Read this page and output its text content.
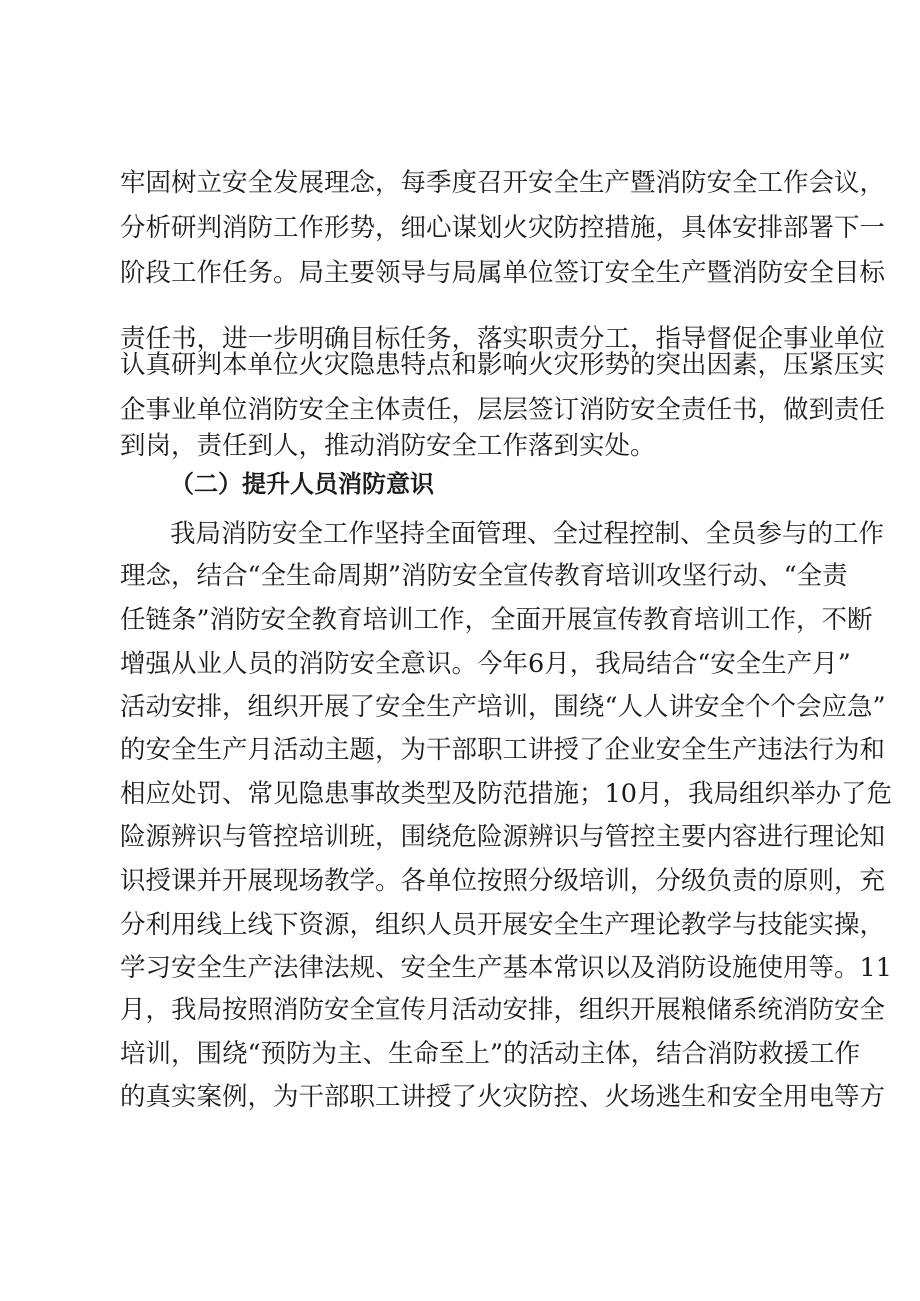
牢固树立安全发展理念，每季度召开安全生产暨消防安全工作会议，
分析研判消防工作形势，细心谋划火灾防控措施，具体安排部署下一
阶段工作任务。局主要领导与局属单位签订安全生产暨消防安全目标
责任书，进一步明确目标任务，落实职责分工，指导督促企事业单位
认真研判本单位火灾隐患特点和影响火灾形势的突出因素，压紧压实
企事业单位消防安全主体责任，层层签订消防安全责任书，做到责任
到岗，责任到人，推动消防安全工作落到实处。
（二）提升人员消防意识
我局消防安全工作坚持全面管理、全过程控制、全员参与的工作
理念，结合“全生命周期”消防安全宣传教育培训攻坚行动、“全责
任链条”消防安全教育培训工作，全面开展宣传教育培训工作，不断
增强从业人员的消防安全意识。今年6月，我局结合“安全生产月”
活动安排，组织开展了安全生产培训，围绕“人人讲安全个个会应急”
的安全生产月活动主题，为干部职工讲授了企业安全生产违法行为和
相应处罚、常见隐患事故类型及防范措施；10月，我局组织举办了危
险源辨识与管控培训班，围绕危险源辨识与管控主要内容进行理论知
识授课并开展现场教学。各单位按照分级培训，分级负责的原则，充
分利用线上线下资源，组织人员开展安全生产理论教学与技能实操，
学习安全生产法律法规、安全生产基本常识以及消防设施使用等。11
月，我局按照消防安全宣传月活动安排，组织开展粮储系统消防安全
培训，围绕“预防为主、生命至上”的活动主体，结合消防救援工作
的真实案例，为干部职工讲授了火灾防控、火场逃生和安全用电等方
